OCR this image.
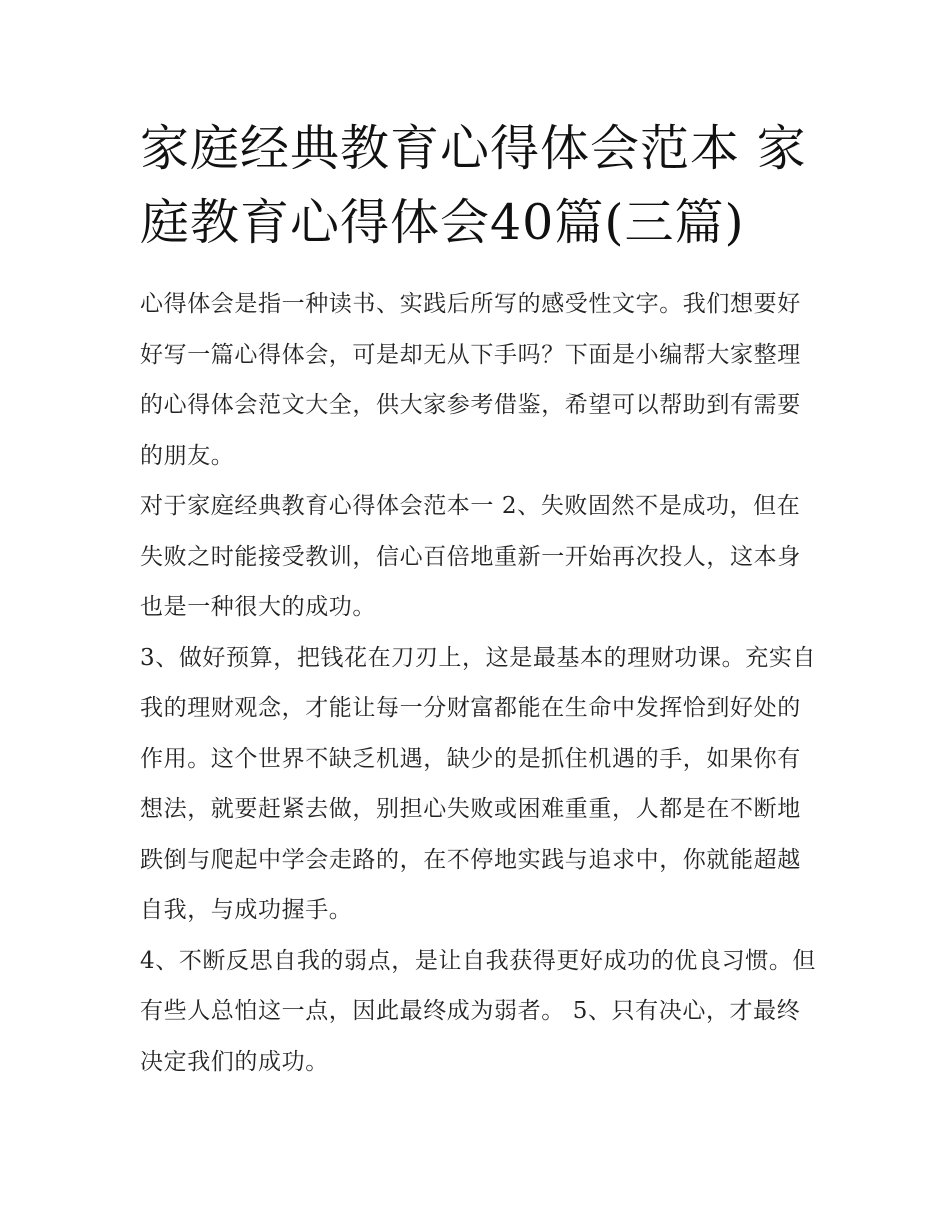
家庭经典教育心得体会范本 家庭教育心得体会40篇(三篇)

心得体会是指一种读书、实践后所写的感受性文字。我们想要好好写一篇心得体会，可是却无从下手吗？下面是小编帮大家整理的心得体会范文大全，供大家参考借鉴，希望可以帮助到有需要的朋友。

对于家庭经典教育心得体会范本一 2、失败固然不是成功，但在失败之时能接受教训，信心百倍地重新一开始再次投人，这本身也是一种很大的成功。

3、做好预算，把钱花在刀刃上，这是最基本的理财功课。充实自我的理财观念，才能让每一分财富都能在生命中发挥恰到好处的作用。这个世界不缺乏机遇，缺少的是抓住机遇的手，如果你有想法，就要赶紧去做，别担心失败或困难重重，人都是在不断地跌倒与爬起中学会走路的，在不停地实践与追求中，你就能超越自我，与成功握手。

4、不断反思自我的弱点，是让自我获得更好成功的优良习惯。但有些人总怕这一点，因此最终成为弱者。 5、只有决心，才最终决定我们的成功。
